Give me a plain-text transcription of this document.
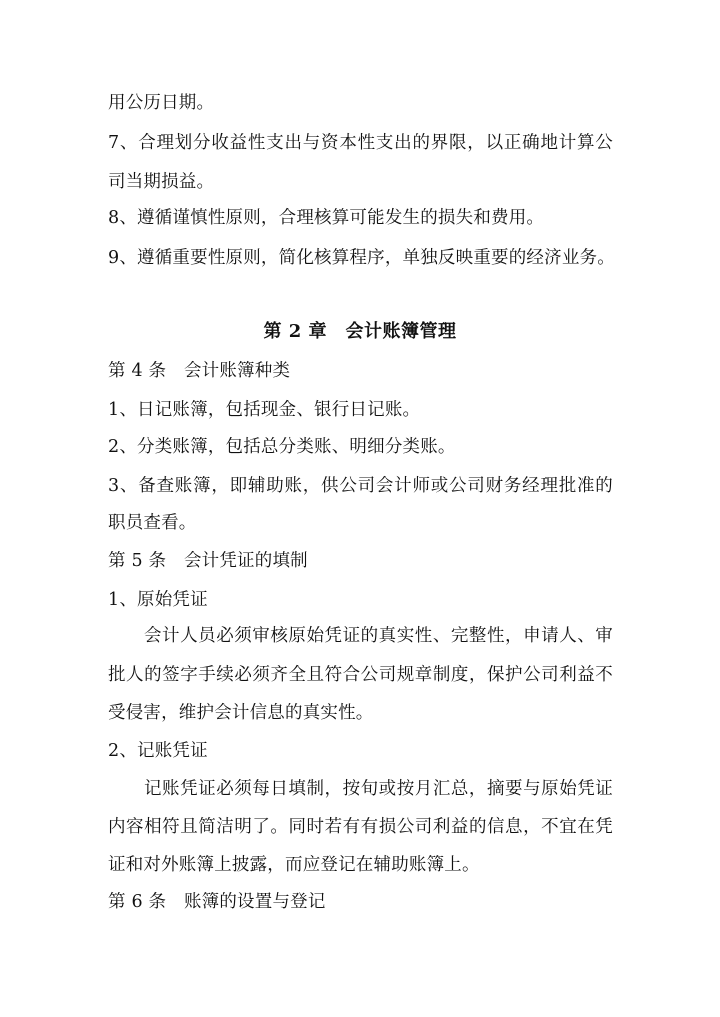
用公历日期。
7、合理划分收益性支出与资本性支出的界限，以正确地计算公
司当期损益。
8、遵循谨慎性原则，合理核算可能发生的损失和费用。
9、遵循重要性原则，简化核算程序，单独反映重要的经济业务。
第 2 章　会计账簿管理
第 4 条　会计账簿种类
1、日记账簿，包括现金、银行日记账。
2、分类账簿，包括总分类账、明细分类账。
3、备查账簿，即辅助账，供公司会计师或公司财务经理批准的
职员查看。
第 5 条　会计凭证的填制
1、原始凭证
会计人员必须审核原始凭证的真实性、完整性，申请人、审
批人的签字手续必须齐全且符合公司规章制度，保护公司利益不
受侵害，维护会计信息的真实性。
2、记账凭证
记账凭证必须每日填制，按旬或按月汇总，摘要与原始凭证
内容相符且简洁明了。同时若有有损公司利益的信息，不宜在凭
证和对外账簿上披露，而应登记在辅助账簿上。
第 6 条　账簿的设置与登记
